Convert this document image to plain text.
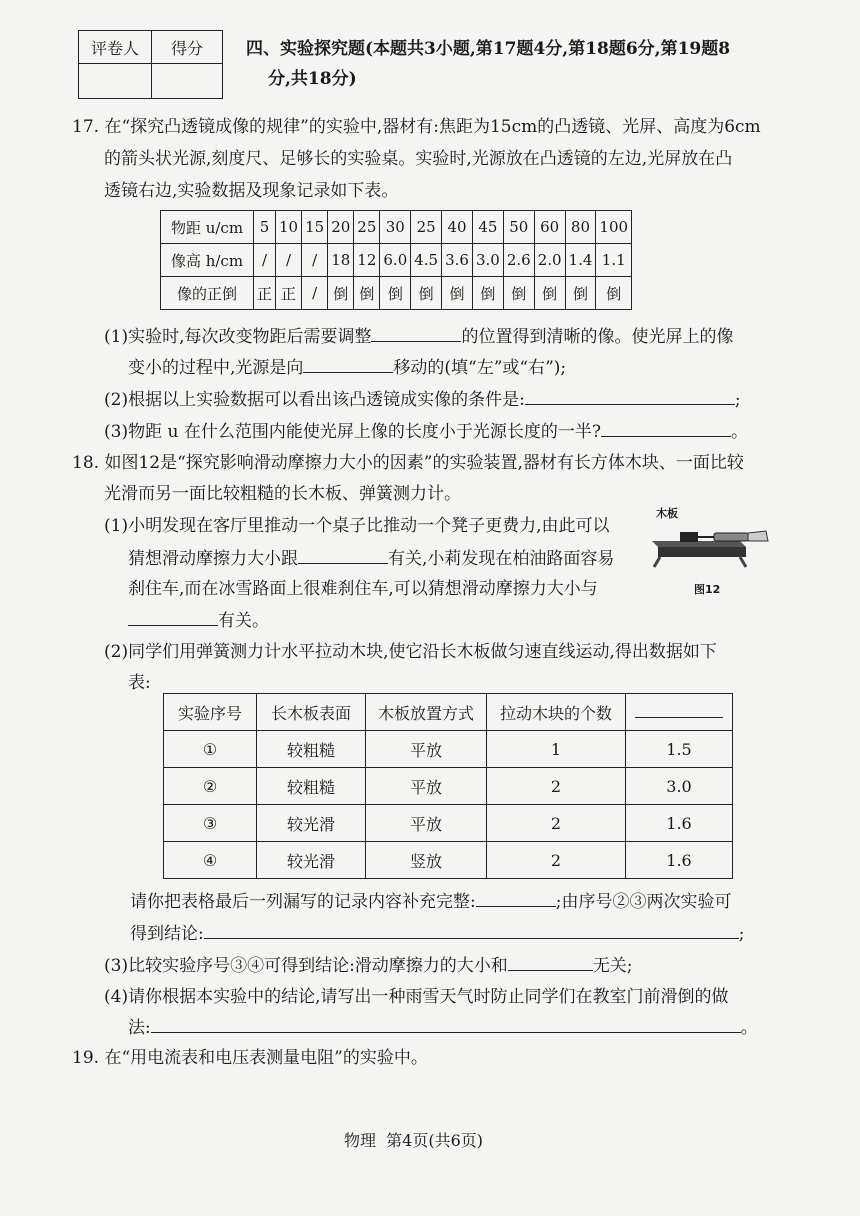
评卷人	得分
		四、实验探究题(本题共3小题,第17题4分,第18题6分,第19题8
分,共18分)
17. 在“探究凸透镜成像的规律”的实验中,器材有:焦距为15cm的凸透镜、光屏、高度为6cm
的箭头状光源,刻度尺、足够长的实验桌。实验时,光源放在凸透镜的左边,光屏放在凸
透镜右边,实验数据及现象记录如下表。
物距 u/cm	5	10	15	20	25	30	25	40	45	50	60	80	100
像高 h/cm	/	/	/	18	12	6.0	4.5	3.6	3.0	2.6	2.0	1.4	1.1
像的正倒	正	正	/	倒	倒	倒	倒	倒	倒	倒	倒	倒	倒
(1)实验时,每次改变物距后需要调整	的位置得到清晰的像。使光屏上的像
变小的过程中,光源是向	移动的(填“左”或“右”);
(2)根据以上实验数据可以看出该凸透镜成实像的条件是:	;
(3)物距 u 在什么范围内能使光屏上像的长度小于光源长度的一半?	。
18. 如图12是“探究影响滑动摩擦力大小的因素”的实验装置,器材有长方体木块、一面比较
光滑而另一面比较粗糙的长木板、弹簧测力计。
(1)小明发现在客厅里推动一个桌子比推动一个凳子更费力,由此可以
猜想滑动摩擦力大小跟	有关,小莉发现在柏油路面容易
刹住车,而在冰雪路面上很难刹住车,可以猜想滑动摩擦力大小与
有关。
木板
图12
(2)同学们用弹簧测力计水平拉动木块,使它沿长木板做匀速直线运动,得出数据如下
表:
实验序号	长木板表面	木板放置方式	拉动木块的个数	
①	较粗糙	平放	1	1.5
②	较粗糙	平放	2	3.0
③	较光滑	平放	2	1.6
④	较光滑	竖放	2	1.6
请你把表格最后一列漏写的记录内容补充完整:	;由序号②③两次实验可
得到结论:	;
(3)比较实验序号③④可得到结论:滑动摩擦力的大小和	无关;
(4)请你根据本实验中的结论,请写出一种雨雪天气时防止同学们在教室门前滑倒的做
法:	。
19. 在“用电流表和电压表测量电阻”的实验中。
物理  第4页(共6页)
